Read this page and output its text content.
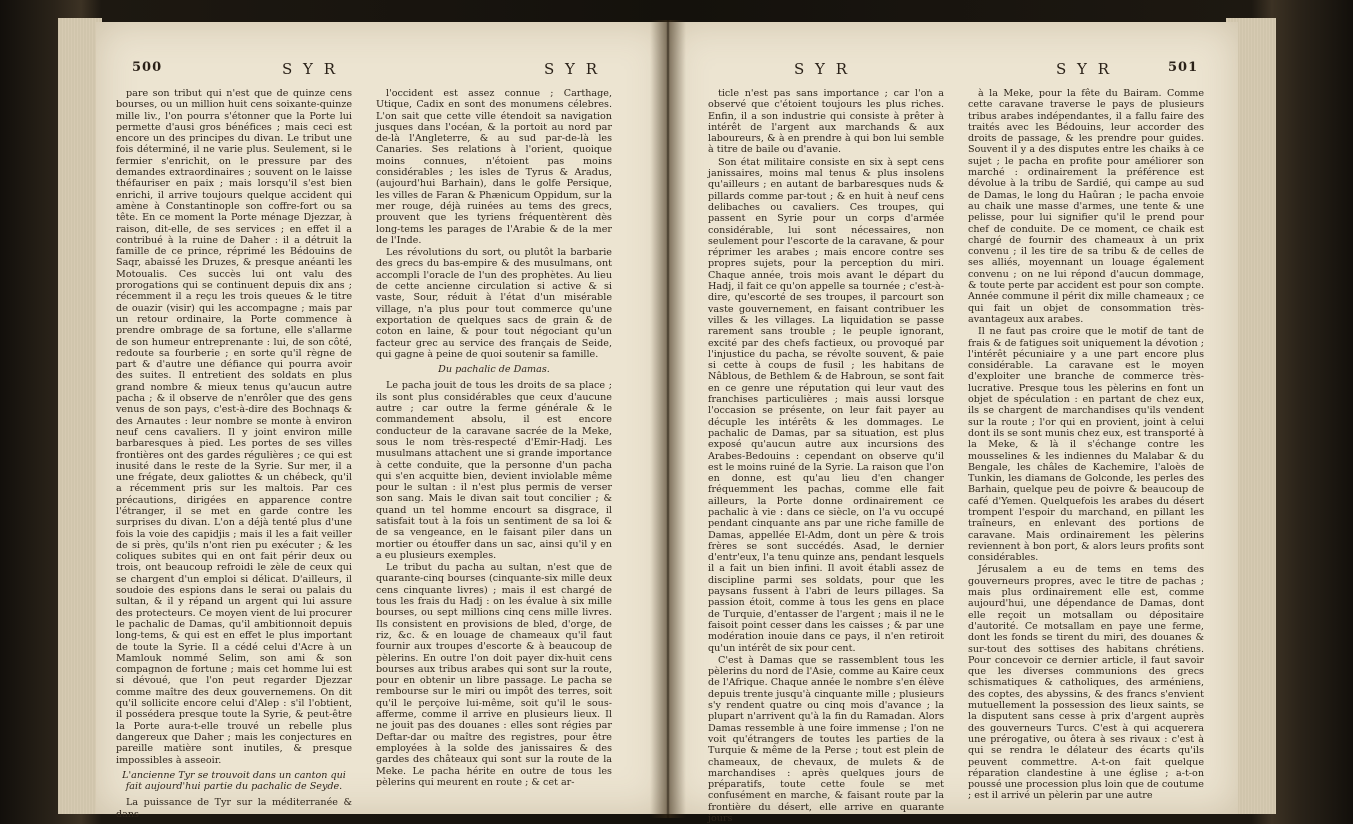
500	S Y R	S Y R

pare son tribut qui n'est que de quinze cens bourses, ou un million huit cens soixante-quinze mille liv., l'on pourra s'étonner que la Porte lui permette d'ausi gros bénéfices ; mais ceci est encore un des principes du divan. Le tribut une fois déterminé, il ne varie plus. Seulement, si le fermier s'enrichit, on le pressure par des demandes extraordinaires ; souvent on le laisse théfauriser en paix ; mais lorsqu'il s'est bien enrichi, il arrive toujours quelque accident qui amène à Constantinople son coffre-fort ou sa tête. En ce moment la Porte ménage Djezzar, à raison, dit-elle, de ses services ; en effet il a contribué à la ruine de Daher : il a détruit la famille de ce prince, réprimé les Bédouins de Saqr, abaissé les Druzes, & presque anéanti les Motoualis. Ces succès lui ont valu des prorogations qui se continuent depuis dix ans ; récemment il a reçu les trois queues & le titre de ouazir (visir) qui les accompagne ; mais par un retour ordinaire, la Porte commence à prendre ombrage de sa fortune, elle s'allarme de son humeur entreprenante : lui, de son côté, redoute sa fourberie ; en sorte qu'il règne de part & d'autre une défiance qui pourra avoir des suites. Il entretient des soldats en plus grand nombre & mieux tenus qu'aucun autre pacha ; & il observe de n'enrôler que des gens venus de son pays, c'est-à-dire des Bochnaqs & des Arnautes : leur nombre se monte à environ neuf cens cavaliers. Il y joint environ mille barbaresques à pied. Les portes de ses villes frontières ont des gardes régulières ; ce qui est inusité dans le reste de la Syrie. Sur mer, il a une frégate, deux galiottes & un chébeck, qu'il a récemment pris sur les maltois. Par ces précautions, dirigées en apparence contre l'étranger, il se met en garde contre les surprises du divan. L'on a déjà tenté plus d'une fois la voie des capidjis ; mais il les a fait veiller de si près, qu'ils n'ont rien pu exécuter ; & les coliques subites qui en ont fait périr deux ou trois, ont beaucoup refroidi le zèle de ceux qui se chargent d'un emploi si délicat. D'ailleurs, il soudoie des espions dans le serai ou palais du sultan, & il y répand un argent qui lui assure des protecteurs. Ce moyen vient de lui procurer le pachalic de Damas, qu'il ambitionnoit depuis long-tems, & qui est en effet le plus important de toute la Syrie. Il a cédé celui d'Acre à un Mamlouk nommé Selim, son ami & son compagnon de fortune ; mais cet homme lui est si dévoué, que l'on peut regarder Djezzar comme maître des deux gouvernemens. On dit qu'il sollicite encore celui d'Alep : s'il l'obtient, il possédera presque toute la Syrie, & peut-être la Porte aura-t-elle trouvé un rebelle plus dangereux que Daher ; mais les conjectures en pareille matière sont inutiles, & presque impossibles à asseoir.

L'ancienne Tyr se trouvoit dans un canton qui fait aujourd'hui partie du pachalic de Seyde.

La puissance de Tyr sur la méditerranée & dans

l'occident est assez connue ; Carthage, Utique, Cadix en sont des monumens célebres. L'on sait que cette ville étendoit sa navigation jusques dans l'océan, & la portoit au nord par de-là l'Angleterre, & au sud par-de-là les Canaries. Ses relations à l'orient, quoique moins connues, n'étoient pas moins considérables ; les isles de Tyrus & Aradus, (aujourd'hui Barhain), dans le golfe Persique, les villes de Faran & Phænicum Oppidum, sur la mer rouge, déjà ruinées au tems des grecs, prouvent que les tyriens fréquentèrent dès long-tems les parages de l'Arabie & de la mer de l'Inde.

Les révolutions du sort, ou plutôt la barbarie des grecs du bas-empire & des musulmans, ont accompli l'oracle de l'un des prophètes. Au lieu de cette ancienne circulation si active & si vaste, Sour, réduit à l'état d'un misérable village, n'a plus pour tout commerce qu'une exportation de quelques sacs de grain & de coton en laine, & pour tout négociant qu'un facteur grec au service des français de Seide, qui gagne à peine de quoi soutenir sa famille.

Du pachalic de Damas.

Le pacha jouit de tous les droits de sa place ; ils sont plus considérables que ceux d'aucune autre ; car outre la ferme générale & le commandement absolu, il est encore conducteur de la caravane sacrée de la Meke, sous le nom très-respecté d'Emir-Hadj. Les musulmans attachent une si grande importance à cette conduite, que la personne d'un pacha qui s'en acquitte bien, devient inviolable même pour le sultan : il n'est plus permis de verser son sang. Mais le divan sait tout concilier ; & quand un tel homme encourt sa disgrace, il satisfait tout à la fois un sentiment de sa loi & de sa vengeance, en le faisant piler dans un mortier ou étouffer dans un sac, ainsi qu'il y en a eu plusieurs exemples.

Le tribut du pacha au sultan, n'est que de quarante-cinq bourses (cinquante-six mille deux cens cinquante livres) ; mais il est chargé de tous les frais du Hadj : on les évalue à six mille bourses, ou sept millions cinq cens mille livres. Ils consistent en provisions de bled, d'orge, de riz, &c. & en louage de chameaux qu'il faut fournir aux troupes d'escorte & à beaucoup de pèlerins. En outre l'on doit payer dix-huit cens bourses aux tribus arabes qui sont sur la route, pour en obtenir un libre passage. Le pacha se rembourse sur le miri ou impôt des terres, soit qu'il le perçoive lui-même, soit qu'il le sous-afferme, comme il arrive en plusieurs lieux. Il ne jouit pas des douanes : elles sont régies par Deftar-dar ou maître des registres, pour être employées à la solde des janissaires & des gardes des châteaux qui sont sur la route de la Meke. Le pacha hérite en outre de tous les pèlerins qui meurent en route ; & cet ar-

S Y R	S Y R	501

ticle n'est pas sans importance ; car l'on a observé que c'étoient toujours les plus riches. Enfin, il a son industrie qui consiste à prêter à intérêt de l'argent aux marchands & aux laboureurs, & à en prendre à qui bon lui semble à titre de baile ou d'avanie.

Son état militaire consiste en six à sept cens janissaires, moins mal tenus & plus insolens qu'ailleurs ; en autant de barbaresques nuds & pillards comme par-tout ; & en huit à neuf cens delibaches ou cavaliers. Ces troupes, qui passent en Syrie pour un corps d'armée considérable, lui sont nécessaires, non seulement pour l'escorte de la caravane, & pour réprimer les arabes ; mais encore contre ses propres sujets, pour la perception du miri. Chaque année, trois mois avant le départ du Hadj, il fait ce qu'on appelle sa tournée ; c'est-à-dire, qu'escorté de ses troupes, il parcourt son vaste gouvernement, en faisant contribuer les villes & les villages. La liquidation se passe rarement sans trouble ; le peuple ignorant, excité par des chefs factieux, ou provoqué par l'injustice du pacha, se révolte souvent, & paie si cette à coups de fusil ; les habitans de Nâblous, de Bethlem & de Habroun, se sont fait en ce genre une réputation qui leur vaut des franchises particulières ; mais aussi lorsque l'occasion se présente, on leur fait payer au décuple les intérêts & les dommages. Le pachalic de Damas, par sa situation, est plus exposé qu'aucun autre aux incursions des Arabes-Bedouins : cependant on observe qu'il est le moins ruiné de la Syrie. La raison que l'on en donne, est qu'au lieu d'en changer fréquemment les pachas, comme elle fait ailleurs, la Porte donne ordinairement ce pachalic à vie : dans ce siècle, on l'a vu occupé pendant cinquante ans par une riche famille de Damas, appellée El-Adm, dont un père & trois frères se sont succédés. Asad, le dernier d'entr'eux, l'a tenu quinze ans, pendant lesquels il a fait un bien infini. Il avoit établi assez de discipline parmi ses soldats, pour que les paysans fussent à l'abri de leurs pillages. Sa passion étoit, comme à tous les gens en place de Turquie, d'entasser de l'argent ; mais il ne le faisoit point cesser dans les caisses ; & par une modération inouie dans ce pays, il n'en retiroit qu'un intérêt de six pour cent.

C'est à Damas que se rassemblent tous les pèlerins du nord de l'Asie, comme au Kaire ceux de l'Afrique. Chaque année le nombre s'en élève depuis trente jusqu'à cinquante mille ; plusieurs s'y rendent quatre ou cinq mois d'avance ; la plupart n'arrivent qu'à la fin du Ramadan. Alors Damas ressemble à une foire immense ; l'on ne voit qu'étrangers de toutes les parties de la Turquie & même de la Perse ; tout est plein de chameaux, de chevaux, de mulets & de marchandises : après quelques jours de préparatifs, toute cette foule se met confusément en marche, & faisant route par la frontière du désert, elle arrive en quarante jours

à la Meke, pour la fête du Bairam. Comme cette caravane traverse le pays de plusieurs tribus arabes indépendantes, il a fallu faire des traités avec les Bédouins, leur accorder des droits de passage, & les prendre pour guides. Souvent il y a des disputes entre les chaiks à ce sujet ; le pacha en profite pour améliorer son marché : ordinairement la préférence est dévolue à la tribu de Sardié, qui campe au sud de Damas, le long du Haûran ; le pacha envoie au chaik une masse d'armes, une tente & une pelisse, pour lui signifier qu'il le prend pour chef de conduite. De ce moment, ce chaik est chargé de fournir des chameaux à un prix convenu ; il les tire de sa tribu & de celles de ses alliés, moyennant un louage également convenu ; on ne lui répond d'aucun dommage, & toute perte par accident est pour son compte. Année commune il périt dix mille chameaux ; ce qui fait un objet de consommation très-avantageux aux arabes.

Il ne faut pas croire que le motif de tant de frais & de fatigues soit uniquement la dévotion ; l'intérêt pécuniaire y a une part encore plus considérable. La caravane est le moyen d'exploiter une branche de commerce très-lucrative. Presque tous les pèlerins en font un objet de spéculation : en partant de chez eux, ils se chargent de marchandises qu'ils vendent sur la route ; l'or qui en provient, joint à celui dont ils se sont munis chez eux, est transporté à la Meke, & là il s'échange contre les mousselines & les indiennes du Malabar & du Bengale, les châles de Kachemire, l'aloès de Tunkin, les diamans de Golconde, les perles des Barhain, quelque peu de poivre & beaucoup de café d'Yemen. Quelquefois les arabes du désert trompent l'espoir du marchand, en pillant les traîneurs, en enlevant des portions de caravane. Mais ordinairement les pèlerins reviennent à bon port, & alors leurs profits sont considérables.

Jérusalem a eu de tems en tems des gouverneurs propres, avec le titre de pachas ; mais plus ordinairement elle est, comme aujourd'hui, une dépendance de Damas, dont elle reçoit un motsallam ou dépositaire d'autorité. Ce motsallam en paye une ferme, dont les fonds se tirent du miri, des douanes & sur-tout des sottises des habitans chrétiens. Pour concevoir ce dernier article, il faut savoir que les diverses communions des grecs schismatiques & catholiques, des arméniens, des coptes, des abyssins, & des francs s'envient mutuellement la possession des lieux saints, se la disputent sans cesse à prix d'argent auprès des gouverneurs Turcs. C'est à qui acquerera une prérogative, ou ôtera à ses rivaux : c'est à qui se rendra le délateur des écarts qu'ils peuvent commettre. A-t-on fait quelque réparation clandestine à une église ; a-t-on poussé une procession plus loin que de coutume ; est il arrivé un pèlerin par une autre
